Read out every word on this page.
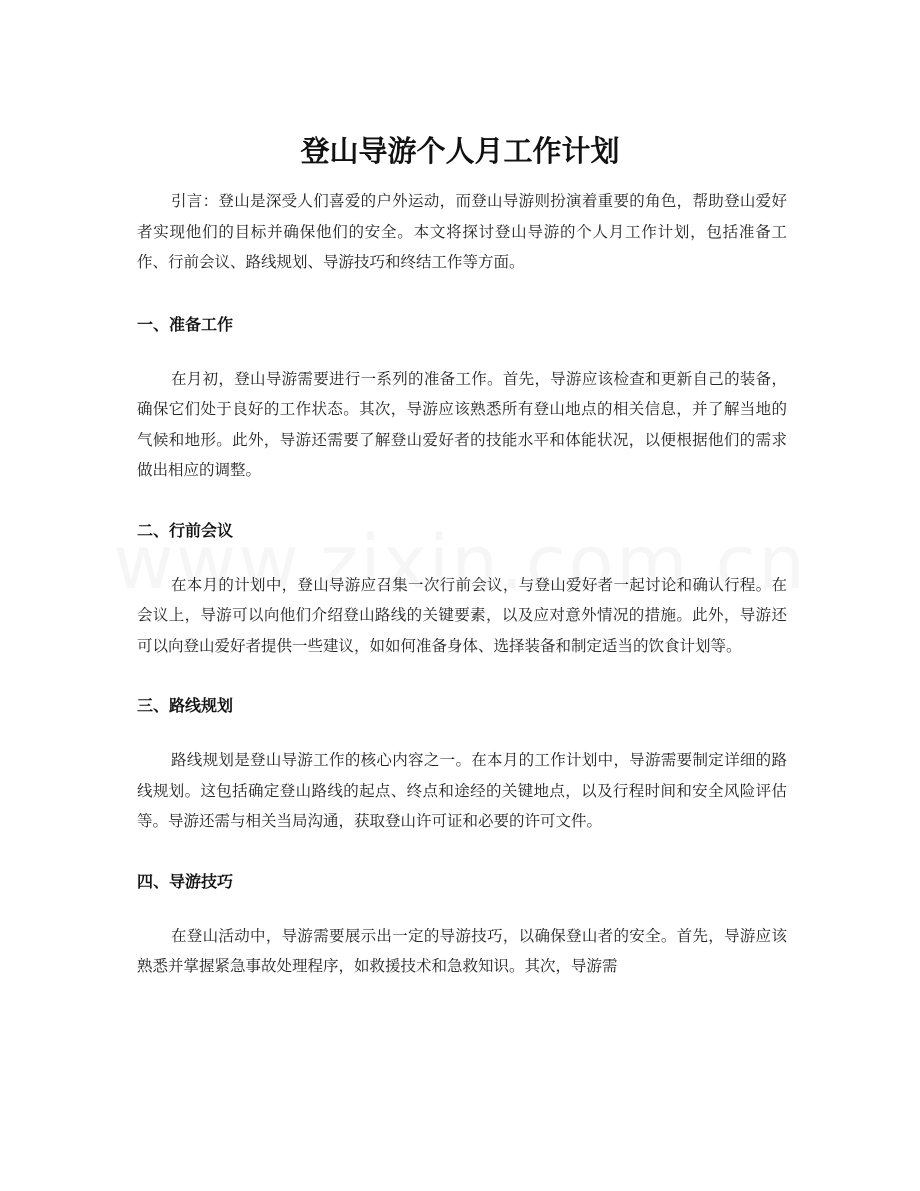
登山导游个人月工作计划

引言：登山是深受人们喜爱的户外运动，而登山导游则扮演着重要的角色，帮助登山爱好者实现他们的目标并确保他们的安全。本文将探讨登山导游的个人月工作计划，包括准备工作、行前会议、路线规划、导游技巧和终结工作等方面。

一、准备工作

在月初，登山导游需要进行一系列的准备工作。首先，导游应该检查和更新自己的装备，确保它们处于良好的工作状态。其次，导游应该熟悉所有登山地点的相关信息，并了解当地的气候和地形。此外，导游还需要了解登山爱好者的技能水平和体能状况，以便根据他们的需求做出相应的调整。

二、行前会议

在本月的计划中，登山导游应召集一次行前会议，与登山爱好者一起讨论和确认行程。在会议上，导游可以向他们介绍登山路线的关键要素，以及应对意外情况的措施。此外，导游还可以向登山爱好者提供一些建议，如如何准备身体、选择装备和制定适当的饮食计划等。

三、路线规划

路线规划是登山导游工作的核心内容之一。在本月的工作计划中，导游需要制定详细的路线规划。这包括确定登山路线的起点、终点和途经的关键地点，以及行程时间和安全风险评估等。导游还需与相关当局沟通，获取登山许可证和必要的许可文件。

四、导游技巧

在登山活动中，导游需要展示出一定的导游技巧，以确保登山者的安全。首先，导游应该熟悉并掌握紧急事故处理程序，如救援技术和急救知识。其次，导游需
